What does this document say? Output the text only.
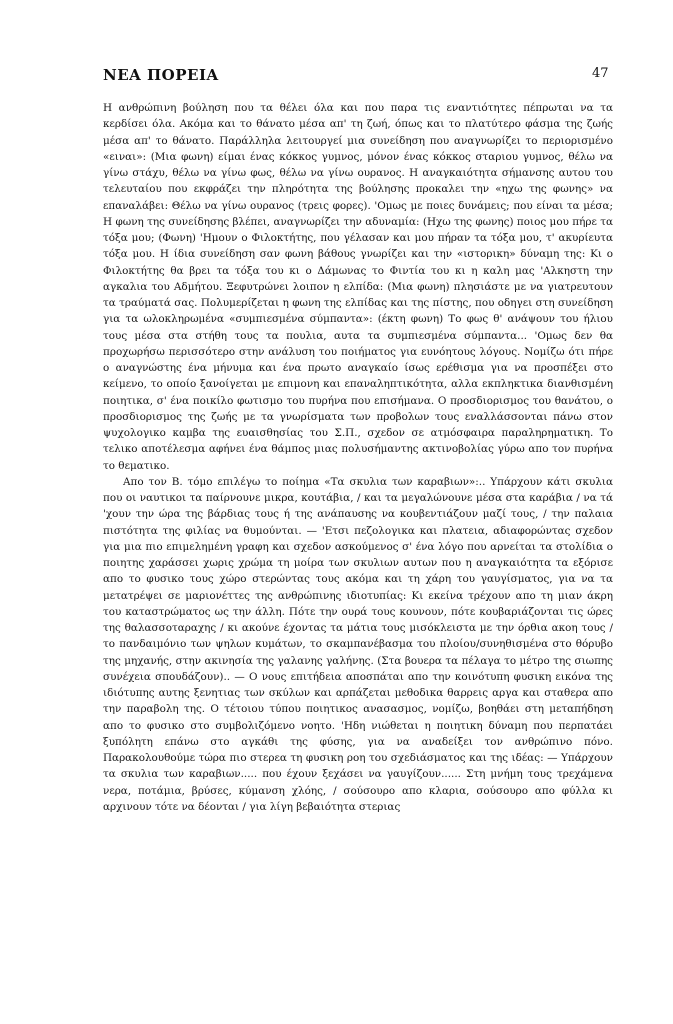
ΝΕΑ ΠΟΡΕΙΑ	47

Η ανθρώπινη βούληση που τα θέλει όλα και που παρα τις εναντιότητες πέπρωται να τα κερδίσει όλα. Ακόμα και το θάνατο μέσα απ' τη ζωή, όπως και το πλατύτερο φάσμα της ζωής μέσα απ' το θάνατο. Παράλληλα λειτουργεί μια συνείδηση που αναγνωρίζει το περιορισμένο «ειναι»: (Μια φωνη) είμαι ένας κόκκος γυμνος, μόνον ένας κόκκος σταριου γυμνος, θέλω να γίνω στάχυ, θέλω να γίνω φως, θέλω να γίνω ουρανος. Η αναγκαιότητα σήμανσης αυτου του τελευταίου που εκφράζει την πληρότητα της βούλησης προκαλει την «ηχω της φωνης» να επαναλάβει: Θέλω να γίνω ουρανος (τρεις φορες). 'Ομως με ποιες δυνάμεις; που είναι τα μέσα; Η φωνη της συνείδησης βλέπει, αναγνωρίζει την αδυναμία: (Ηχω της φωνης) ποιος μου πήρε τα τόξα μου; (Φωνη) 'Ημουν ο Φιλοκτήτης, που γέλασαν και μου πήραν τα τόξα μου, τ' ακυρίευτα τόξα μου. Η ίδια συνείδηση σαν φωνη βάθους γνωρίζει και την «ιστορικη» δύναμη της: Κι ο Φιλοκτήτης θα βρει τα τόξα του κι ο Δάμωνας το Φιντία του κι η καλη μας 'Αλκηστη την αγκαλια του Αδμήτου. Ξεφυτρώνει λοιπον η ελπίδα: (Μια φωνη) πλησιάστε με να γιατρευτουν τα τραύματά σας. Πολυμερίζεται η φωνη της ελπίδας και της πίστης, που οδηγει στη συνείδηση για τα ωλοκληρωμένα «συμπιεσμένα σύμπαντα»: (έκτη φωνη) Το φως θ' ανάψουν του ήλιου τους μέσα στα στήθη τους τα πουλια, αυτα τα συμπιεσμένα σύμπαντα... 'Ομως δεν θα προχωρήσω περισσότερο στην ανάλυση του ποιήματος για ευνόητους λόγους. Νομίζω ότι πήρε ο αναγνώστης ένα μήνυμα και ένα πρωτο αναγκαίο ίσως ερέθισμα για να προσπέξει στο κείμενο, το οποίο ξανοίγεται με επιμονη και επαναληπτικότητα, αλλα εκπληκτικα διανθισμένη ποιητικα, σ' ένα ποικίλο φωτισμο του πυρήνα που επισήμανα. Ο προσδιορισμος του θανάτου, ο προσδιορισμος της ζωής με τα γνωρίσματα των προβολων τους εναλλάσσονται πάνω στον ψυχολογικο καμβα της ευαισθησίας του Σ.Π., σχεδον σε ατμόσφαιρα παραληρηματικη. Το τελικο αποτέλεσμα αφήνει ένα θάμπος μιας πολυσήμαντης ακτινοβολίας γύρω απο τον πυρήνα το θεματικο.

Απο τον Β. τόμο επιλέγω το ποίημα «Τα σκυλια των καραβιων»:.. Υπάρχουν κάτι σκυλια που οι ναυτικοι τα παίρνουνε μικρα, κουτάβια, / και τα μεγαλώνουνε μέσα στα καράβια / να τά 'χουν την ώρα της βάρδιας τους ή της ανάπαυσης να κουβεντιάζουν μαζί τους, / την παλαια πιστότητα της φιλίας να θυμούνται. — 'Ετσι πεζολογικα και πλατεια, αδιαφορώντας σχεδον για μια πιο επιμελημένη γραφη και σχεδον ασκούμενος σ' ένα λόγο που αρνείται τα στολίδια ο ποιητης χαράσσει χωρις χρώμα τη μοίρα των σκυλιων αυτων που η αναγκαιότητα τα εξόρισε απο το φυσικο τους χώρο στερώντας τους ακόμα και τη χάρη του γαυγίσματος, για να τα μετατρέψει σε μαριονέττες της ανθρώπινης ιδιοτυπίας: Κι εκείνα τρέχουν απο τη μιαν άκρη του καταστρώματος ως την άλλη. Πότε την ουρά τους κουνουν, πότε κουβαριάζονται τις ώρες της θαλασσοταραχης / κι ακούνε έχοντας τα μάτια τους μισόκλειστα με την όρθια ακοη τους / το πανδαιμόνιο των ψηλων κυμάτων, το σκαμπανέβασμα του πλοίου/συνηθισμένα στο θόρυβο της μηχανής, στην ακινησία της γαλανης γαλήνης. (Στα βουερα τα πέλαγα το μέτρο της σιωπης συνέχεια σπουδάζουν).. — Ο νους επιτήδεια αποσπάται απο την κοινότυπη φυσικη εικόνα της ιδιότυπης αυτης ξενητιας των σκύλων και αρπάζεται μεθοδικα θαρρεις αργα και σταθερα απο την παραβολη της. Ο τέτοιου τύπου ποιητικος ανασασμος, νομίζω, βοηθάει στη μεταπήδηση απο το φυσικο στο συμβολιζόμενο νοητο. 'Ηδη νιώθεται η ποιητικη δύναμη που περπατάει ξυπόλητη επάνω στο αγκάθι της φύσης, για να αναδείξει τον ανθρώπινο πόνο. Παρακολουθούμε τώρα πιο στερεα τη φυσικη ροη του σχεδιάσματος και της ιδέας: — Υπάρχουν τα σκυλια των καραβιων..... που έχουν ξεχάσει να γαυγίζουν...... Στη μνήμη τους τρεχάμενα νερα, ποτάμια, βρύσες, κύμανση χλόης, / σούσουρο απο κλαρια, σούσουρο απο φύλλα κι αρχινουν τότε να δέονται / για λίγη βεβαιότητα στεριας
